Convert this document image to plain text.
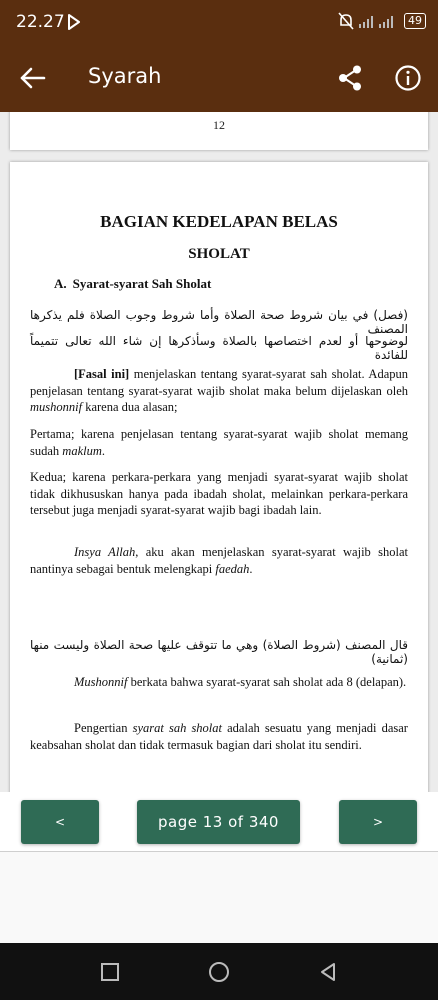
22.27	49
Syarah
12
BAGIAN KEDELAPAN BELAS
SHOLAT
A. Syarat-syarat Sah Sholat
(فصل) في بيان شروط صحة الصلاة وأما شروط وجوب الصلاة فلم يذكرها المصنف
لوضوحها أو لعدم اختصاصها بالصلاة وسأذكرها إن شاء الله تعالى تتميماً للفائدة

[Fasal ini] menjelaskan tentang syarat-syarat sah sholat. Adapun penjelasan tentang syarat-syarat wajib sholat maka belum dijelaskan oleh mushonnif karena dua alasan;

Pertama; karena penjelasan tentang syarat-syarat wajib sholat memang sudah maklum.

Kedua; karena perkara-perkara yang menjadi syarat-syarat wajib sholat tidak dikhususkan hanya pada ibadah sholat, melainkan perkara-perkara tersebut juga menjadi syarat-syarat wajib bagi ibadah lain.

Insya Allah, aku akan menjelaskan syarat-syarat wajib sholat nantinya sebagai bentuk melengkapi faedah.

قال المصنف (شروط الصلاة) وهي ما تتوقف عليها صحة الصلاة وليست منها (ثمانية)

Mushonnif berkata bahwa syarat-syarat sah sholat ada 8 (delapan).

Pengertian syarat sah sholat adalah sesuatu yang menjadi dasar keabsahan sholat dan tidak termasuk bagian dari sholat itu sendiri.

<	page 13 of 340	>
